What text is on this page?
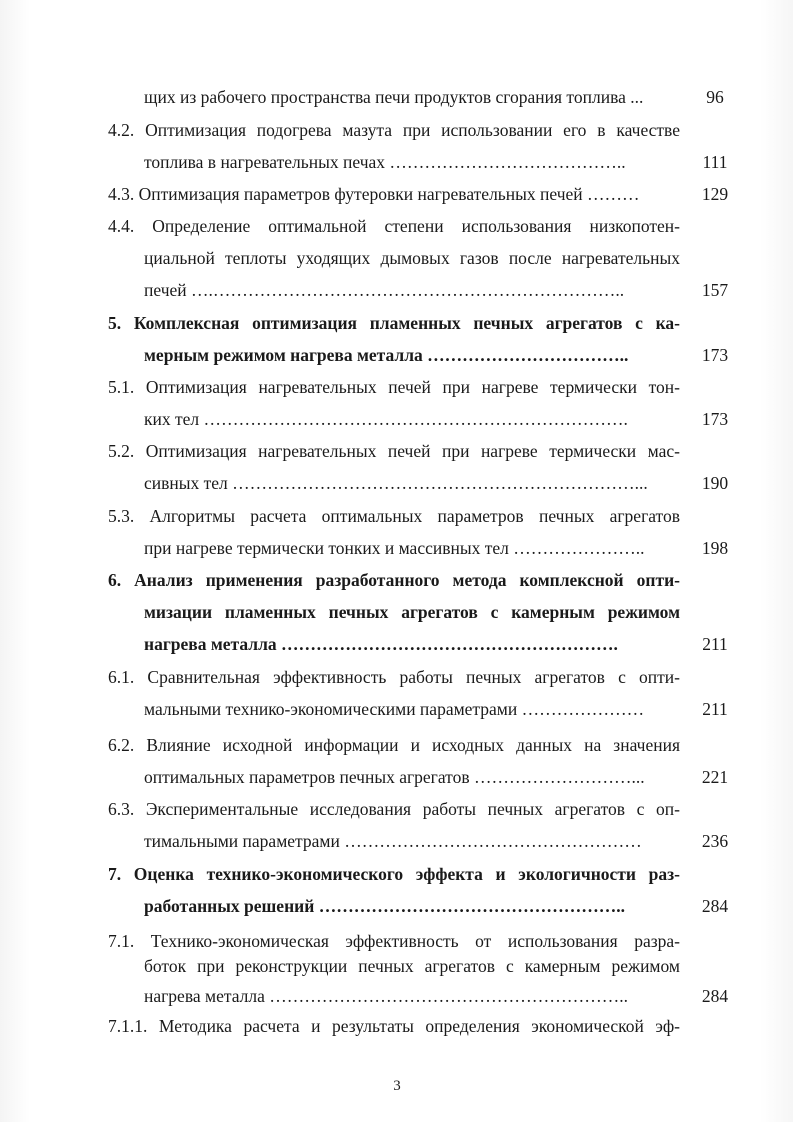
щих из рабочего пространства печи продуктов сгорания топлива ...	96
4.2. Оптимизация подогрева мазута при использовании его в качестве
топлива в нагревательных печах …………………………………..	111
4.3. Оптимизация параметров футеровки нагревательных печей ………	129
4.4. Определение оптимальной степени использования низкопотен-
циальной теплоты уходящих дымовых газов после нагревательных
печей ….……………………………………………………………..	157
5. Комплексная оптимизация пламенных печных агрегатов с ка-
мерным режимом нагрева металла ……………………………..	173
5.1. Оптимизация нагревательных печей при нагреве термически тон-
ких тел ……………………………………………………………….	173
5.2. Оптимизация нагревательных печей при нагреве термически мас-
сивных тел ……………………………………………………………...	190
5.3. Алгоритмы расчета оптимальных параметров печных агрегатов
при нагреве термически тонких и массивных тел …………………..	198
6. Анализ применения разработанного метода комплексной опти-
мизации пламенных печных агрегатов с камерным режимом
нагрева металла ………………………………………………….	211
6.1. Сравнительная эффективность работы печных агрегатов с опти-
мальными технико-экономическими параметрами …………………	211
6.2. Влияние исходной информации и исходных данных на значения
оптимальных параметров печных агрегатов ………………………...	221
6.3. Экспериментальные исследования работы печных агрегатов с оп-
тимальными параметрами ……………………………………………	236
7. Оценка технико-экономического эффекта и экологичности раз-
работанных решений ……………………………………………..	284
7.1. Технико-экономическая эффективность от использования разра-
боток при реконструкции печных агрегатов с камерным режимом
нагрева металла ……………………………………………………..	284
7.1.1. Методика расчета и результаты определения экономической эф-
3
